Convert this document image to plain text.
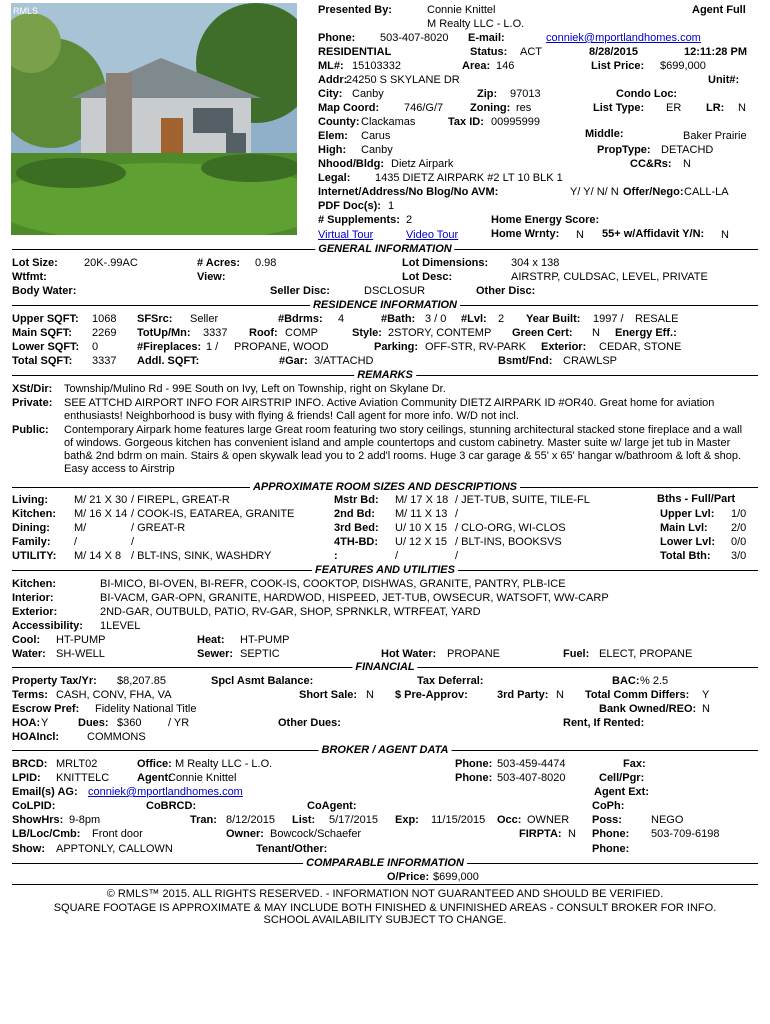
RMLS	Presented By:	Connie Knittel	Agent Full
M Realty LLC - L.O.
Phone: 503-407-8020 E-mail:	conniek@mportlandhomes.com
RESIDENTIAL	Status: ACT	8/28/2015	12:11:28 PM
ML#: 15103332	Area: 146	List Price: $699,000
Addr:
24250 S SKYLANE DR	Unit#:
City: Canby	Zip: 97013	Condo Loc:
Map Coord: 746/G/7 Zoning: res	List Type: ER LR: N
County: Clackamas	Tax ID: 00995999
Elem: Carus	Middle:	Baker Prairie
High: Canby	PropType: DETACHD
Nhood/Bldg: Dietz Airpark	CC&Rs: N
Legal: 1435 DIETZ AIRPARK #2 LT 10 BLK 1
Internet/Address/No Blog/No AVM:	Y/ Y/ N/ N Offer/Nego: CALL-LA
PDF Doc(s): 1
# Supplements: 2	Home Energy Score:
Virtual Tour	Video Tour	Home Wrnty: N 55+ w/Affidavit Y/N: N
GENERAL INFORMATION
Lot Size: 20K-.99AC	# Acres: 0.98	Lot Dimensions: 304 x 138
Wtfmt:	View:	Lot Desc:	AIRSTRP, CULDSAC, LEVEL, PRIVATE
Body Water:	Seller Disc:	DSCLOSUR	Other Disc:
RESIDENCE INFORMATION
Upper SQFT: 1068 SFSrc: Seller	#Bdrms: 4	#Bath: 3 / 0 #Lvl: 2 Year Built: 1997 / RESALE
Main SQFT: 2269 TotUp/Mn: 3337 Roof: COMP	Style: 2STORY, CONTEMP Green Cert: N Energy Eff.:
Lower SQFT: 0	#Fireplaces: 1 / PROPANE, WOOD	Parking: OFF-STR, RV-PARK Exterior: CEDAR, STONE
Total SQFT: 3337 Addl. SQFT:	#Gar: 3/ATTACHD	Bsmt/Fnd: CRAWLSP
REMARKS
XSt/Dir: Township/Mulino Rd - 99E South on Ivy, Left on Township, right on Skylane Dr.
Private: SEE ATTCHD AIRPORT INFO FOR AIRSTRIP INFO. Active Aviation Community DIETZ AIRPARK ID #OR40. Great home for aviation enthusiasts! Neighborhood is busy with flying & friends! Call agent for more info. W/D not incl.
Public: Contemporary Airpark home features large Great room featuring two story ceilings, stunning architectural stacked stone fireplace and a wall of windows. Gorgeous kitchen has convenient island and ample countertops and custom cabinetry. Master suite w/ large jet tub in Master bath& 2nd bdrm on main. Stairs & open skywalk lead you to 2 add'l rooms. Huge 3 car garage & 55' x 65' hangar w/bathroom & loft & shop. Easy access to Airstrip
APPROXIMATE ROOM SIZES AND DESCRIPTIONS
Living: M/ 21 X 30 / FIREPL, GREAT-R
Kitchen: M/ 16 X 14 / COOK-IS, EATAREA, GRANITE
Dining: M/	/ GREAT-R
Family: /	/
UTILITY: M/ 14 X 8 / BLT-INS, SINK, WASHDRY
Mstr Bd: M/ 17 X 18 / JET-TUB, SUITE, TILE-FL
2nd Bd: M/ 11 X 13 /
3rd Bed: U/ 10 X 15 / CLO-ORG, WI-CLOS
4TH-BD: U/ 12 X 15 / BLT-INS, BOOKSVS
:	/	/
Bths - Full/Part
Upper Lvl: 1/0
Main Lvl: 2/0
Lower Lvl: 0/0
Total Bth: 3/0
FEATURES AND UTILITIES
Kitchen:	BI-MICO, BI-OVEN, BI-REFR, COOK-IS, COOKTOP, DISHWAS, GRANITE, PANTRY, PLB-ICE
Interior:	BI-VACM, GAR-OPN, GRANITE, HARDWOD, HISPEED, JET-TUB, OWSECUR, WATSOFT, WW-CARP
Exterior:	2ND-GAR, OUTBULD, PATIO, RV-GAR, SHOP, SPRNKLR, WTRFEAT, YARD
Accessibility: 1LEVEL
Cool: HT-PUMP	Heat: HT-PUMP
Water: SH-WELL	Sewer: SEPTIC	Hot Water: PROPANE	Fuel: ELECT, PROPANE
FINANCIAL
Property Tax/Yr: $8,207.85	Spcl Asmt Balance:	Tax Deferral:	BAC: % 2.5
Terms: CASH, CONV, FHA, VA	Short Sale: N $ Pre-Approv:	3rd Party: N Total Comm Differs: Y
Escrow Pref: Fidelity National Title	Bank Owned/REO: N
HOA: Y	Dues: $360 / YR	Other Dues:	Rent, If Rented:
HOAIncl:	COMMONS
BROKER / AGENT DATA
BRCD: MRLT02	Office: M Realty LLC - L.O.	Phone: 503-459-4474	Fax:
LPID: KNITTELC	Agent:
Connie Knittel	Phone: 503-407-8020	Cell/Pgr:
Email(s) AG: conniek@mportlandhomes.com	Agent Ext:
CoLPID:	CoBRCD:	CoAgent:	CoPh:
ShowHrs: 9-8pm	Tran: 8/12/2015 List: 5/17/2015 Exp: 11/15/2015 Occ: OWNER Poss:	NEGO
LB/Loc/Cmb: Front door	Owner: Bowcock/Schaefer	FIRPTA: N Phone: 503-709-6198
Show: APPTONLY, CALLOWN	Tenant/Other:	Phone:
COMPARABLE INFORMATION
O/Price: $699,000
© RMLS™ 2015. ALL RIGHTS RESERVED. - INFORMATION NOT GUARANTEED AND SHOULD BE VERIFIED.
SQUARE FOOTAGE IS APPROXIMATE & MAY INCLUDE BOTH FINISHED & UNFINISHED AREAS - CONSULT BROKER FOR INFO.
SCHOOL AVAILABILITY SUBJECT TO CHANGE.
